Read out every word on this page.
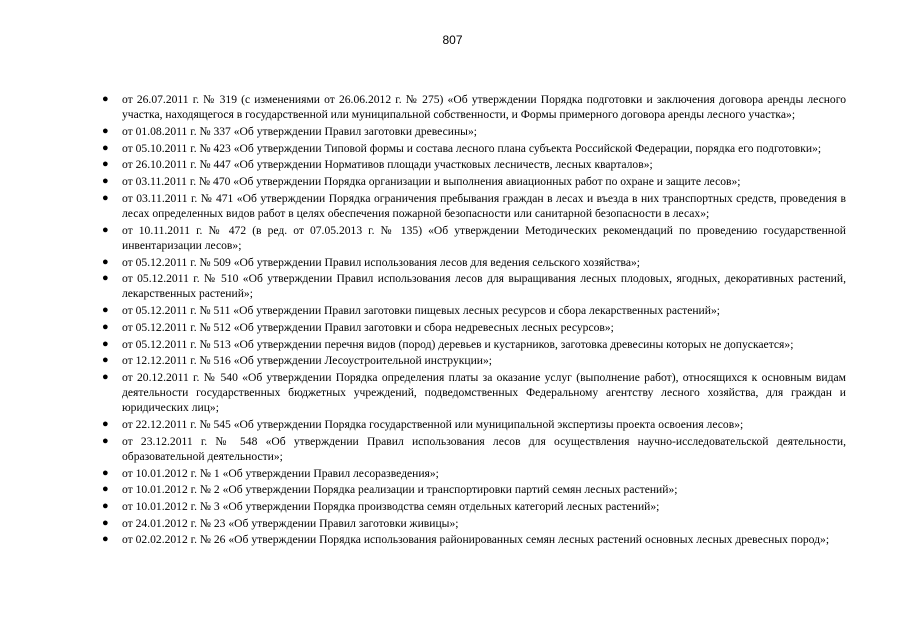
807
● от 26.07.2011 г. № 319 (с изменениями от 26.06.2012 г. № 275) «Об утверждении Порядка подготовки и заключения договора аренды лесного участка, находящегося в государственной или муниципальной собственности, и Формы примерного договора аренды лесного участка»;
● от 01.08.2011 г. № 337 «Об утверждении Правил заготовки древесины»;
● от 05.10.2011 г. № 423 «Об утверждении Типовой формы и состава лесного плана субъекта Российской Федерации, порядка его подготовки»;
● от 26.10.2011 г. № 447 «Об утверждении Нормативов площади участковых лесничеств, лесных кварталов»;
● от 03.11.2011 г. № 470 «Об утверждении Порядка организации и выполнения авиационных работ по охране и защите лесов»;
● от 03.11.2011 г. № 471 «Об утверждении Порядка ограничения пребывания граждан в лесах и въезда в них транспортных средств, проведения в лесах определенных видов работ в целях обеспечения пожарной безопасности или санитарной безопасности в лесах»;
● от 10.11.2011 г. № 472 (в ред. от 07.05.2013 г. № 135) «Об утверждении Методических рекомендаций по проведению государственной инвентаризации лесов»;
● от 05.12.2011 г. № 509 «Об утверждении Правил использования лесов для ведения сельского хозяйства»;
● от 05.12.2011 г. № 510 «Об утверждении Правил использования лесов для выращивания лесных плодовых, ягодных, декоративных растений, лекарственных растений»;
● от 05.12.2011 г. № 511 «Об утверждении Правил заготовки пищевых лесных ресурсов и сбора лекарственных растений»;
● от 05.12.2011 г. № 512 «Об утверждении Правил заготовки и сбора недревесных лесных ресурсов»;
● от 05.12.2011 г. № 513 «Об утверждении перечня видов (пород) деревьев и кустарников, заготовка древесины которых не допускается»;
● от 12.12.2011 г. № 516 «Об утверждении Лесоустроительной инструкции»;
● от 20.12.2011 г. № 540 «Об утверждении Порядка определения платы за оказание услуг (выполнение работ), относящихся к основным видам деятельности государственных бюджетных учреждений, подведомственных Федеральному агентству лесного хозяйства, для граждан и юридических лиц»;
● от 22.12.2011 г. № 545 «Об утверждении Порядка государственной или муниципальной экспертизы проекта освоения лесов»;
● от 23.12.2011 г. № 548 «Об утверждении Правил использования лесов для осуществления научно-исследовательской деятельности, образовательной деятельности»;
● от 10.01.2012 г. № 1 «Об утверждении Правил лесоразведения»;
● от 10.01.2012 г. № 2 «Об утверждении Порядка реализации и транспортировки партий семян лесных растений»;
● от 10.01.2012 г. № 3 «Об утверждении Порядка производства семян отдельных категорий лесных растений»;
● от 24.01.2012 г. № 23 «Об утверждении Правил заготовки живицы»;
● от 02.02.2012 г. № 26 «Об утверждении Порядка использования районированных семян лесных растений основных лесных древесных пород»;
